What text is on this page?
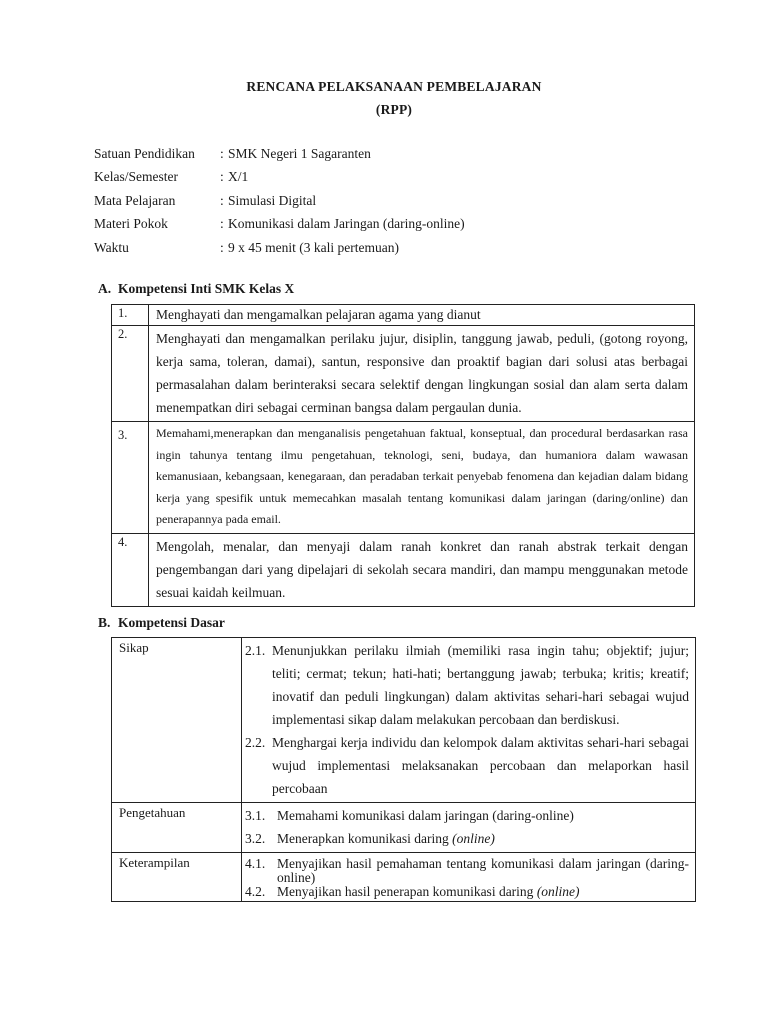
RENCANA PELAKSANAAN PEMBELAJARAN
(RPP)
Satuan Pendidikan	: SMK Negeri 1 Sagaranten
Kelas/Semester	: X/1
Mata Pelajaran	: Simulasi Digital
Materi Pokok	: Komunikasi dalam Jaringan (daring-online)
Waktu	: 9 x 45 menit (3 kali pertemuan)
A. Kompetensi Inti SMK Kelas X
1.	Menghayati dan mengamalkan pelajaran agama yang dianut
2.	Menghayati dan mengamalkan perilaku jujur, disiplin, tanggung jawab, peduli, (gotong royong, kerja sama, toleran, damai), santun, responsive dan proaktif bagian dari solusi atas berbagai permasalahan dalam berinteraksi secara selektif dengan lingkungan sosial dan alam serta dalam menempatkan diri sebagai cerminan bangsa dalam pergaulan dunia.
3.	Memahami,menerapkan dan menganalisis pengetahuan faktual, konseptual, dan procedural berdasarkan rasa ingin tahunya tentang ilmu pengetahuan, teknologi, seni, budaya, dan humaniora dalam wawasan kemanusiaan, kebangsaan, kenegaraan, dan peradaban terkait penyebab fenomena dan kejadian dalam bidang kerja yang spesifik untuk memecahkan masalah tentang komunikasi dalam jaringan (daring/online) dan penerapannya pada email.
4.	Mengolah, menalar, dan menyaji dalam ranah konkret dan ranah abstrak terkait dengan pengembangan dari yang dipelajari di sekolah secara mandiri, dan mampu menggunakan metode sesuai kaidah keilmuan.
B. Kompetensi Dasar
Sikap	2.1. Menunjukkan perilaku ilmiah (memiliki rasa ingin tahu; objektif; jujur; teliti; cermat; tekun; hati-hati; bertanggung jawab; terbuka; kritis; kreatif; inovatif dan peduli lingkungan) dalam aktivitas sehari-hari sebagai wujud implementasi sikap dalam melakukan percobaan dan berdiskusi.
2.2. Menghargai kerja individu dan kelompok dalam aktivitas sehari-hari sebagai wujud implementasi melaksanakan percobaan dan melaporkan hasil percobaan

Pengetahuan	3.1. Memahami komunikasi dalam jaringan (daring-online)
3.2. Menerapkan komunikasi daring (online)

Keterampilan	4.1. Menyajikan hasil pemahaman tentang komunikasi dalam jaringan (daring-online)
4.2. Menyajikan hasil penerapan komunikasi daring (online)
